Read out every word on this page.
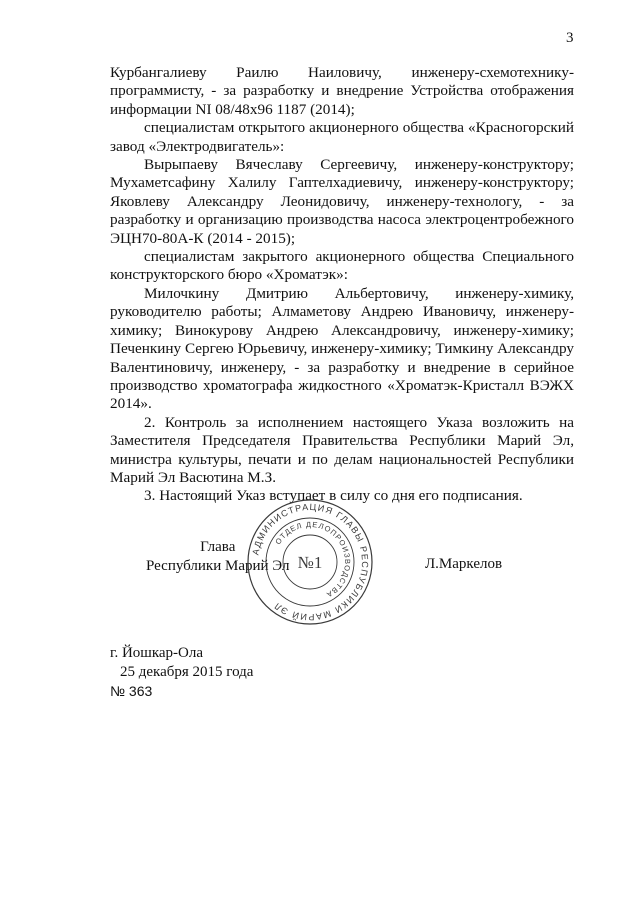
3

Курбангалиеву Раилю Наиловичу, инженеру-схемотехнику-программисту, - за разработку и внедрение Устройства отображения информации NI 08/48x96 1187 (2014);

специалистам открытого акционерного общества «Красногорский завод «Электродвигатель»:

Вырыпаеву Вячеславу Сергеевичу, инженеру-конструктору; Мухаметсафину Халилу Гаптелхадиевичу, инженеру-конструктору; Яковлеву Александру Леонидовичу, инженеру-технологу, - за разработку и организацию производства насоса электроцентробежного ЭЦН70-80А-К (2014 - 2015);

специалистам закрытого акционерного общества Специального конструкторского бюро «Хроматэк»:

Милочкину Дмитрию Альбертовичу, инженеру-химику, руководителю работы; Алмаметову Андрею Ивановичу, инженеру-химику; Винокурову Андрею Александровичу, инженеру-химику; Печенкину Сергею Юрьевичу, инженеру-химику; Тимкину Александру Валентиновичу, инженеру, - за разработку и внедрение в серийное производство хроматографа жидкостного «Хроматэк-Кристалл ВЭЖХ 2014».

2. Контроль за исполнением настоящего Указа возложить на Заместителя Председателя Правительства Республики Марий Эл, министра культуры, печати и по делам национальностей Республики Марий Эл Васютина М.З.

3. Настоящий Указ вступает в силу со дня его подписания.

Глава
Республики Марий Эл
АДМИНИСТРАЦИЯ ГЛАВЫ РЕСПУБЛИКИ МАРИЙ ЭЛ
ОТДЕЛ ДЕЛОПРОИЗВОДСТВА
№1	Л.Маркелов
г. Йошкар-Ола
25 декабря 2015 года
№ 363
